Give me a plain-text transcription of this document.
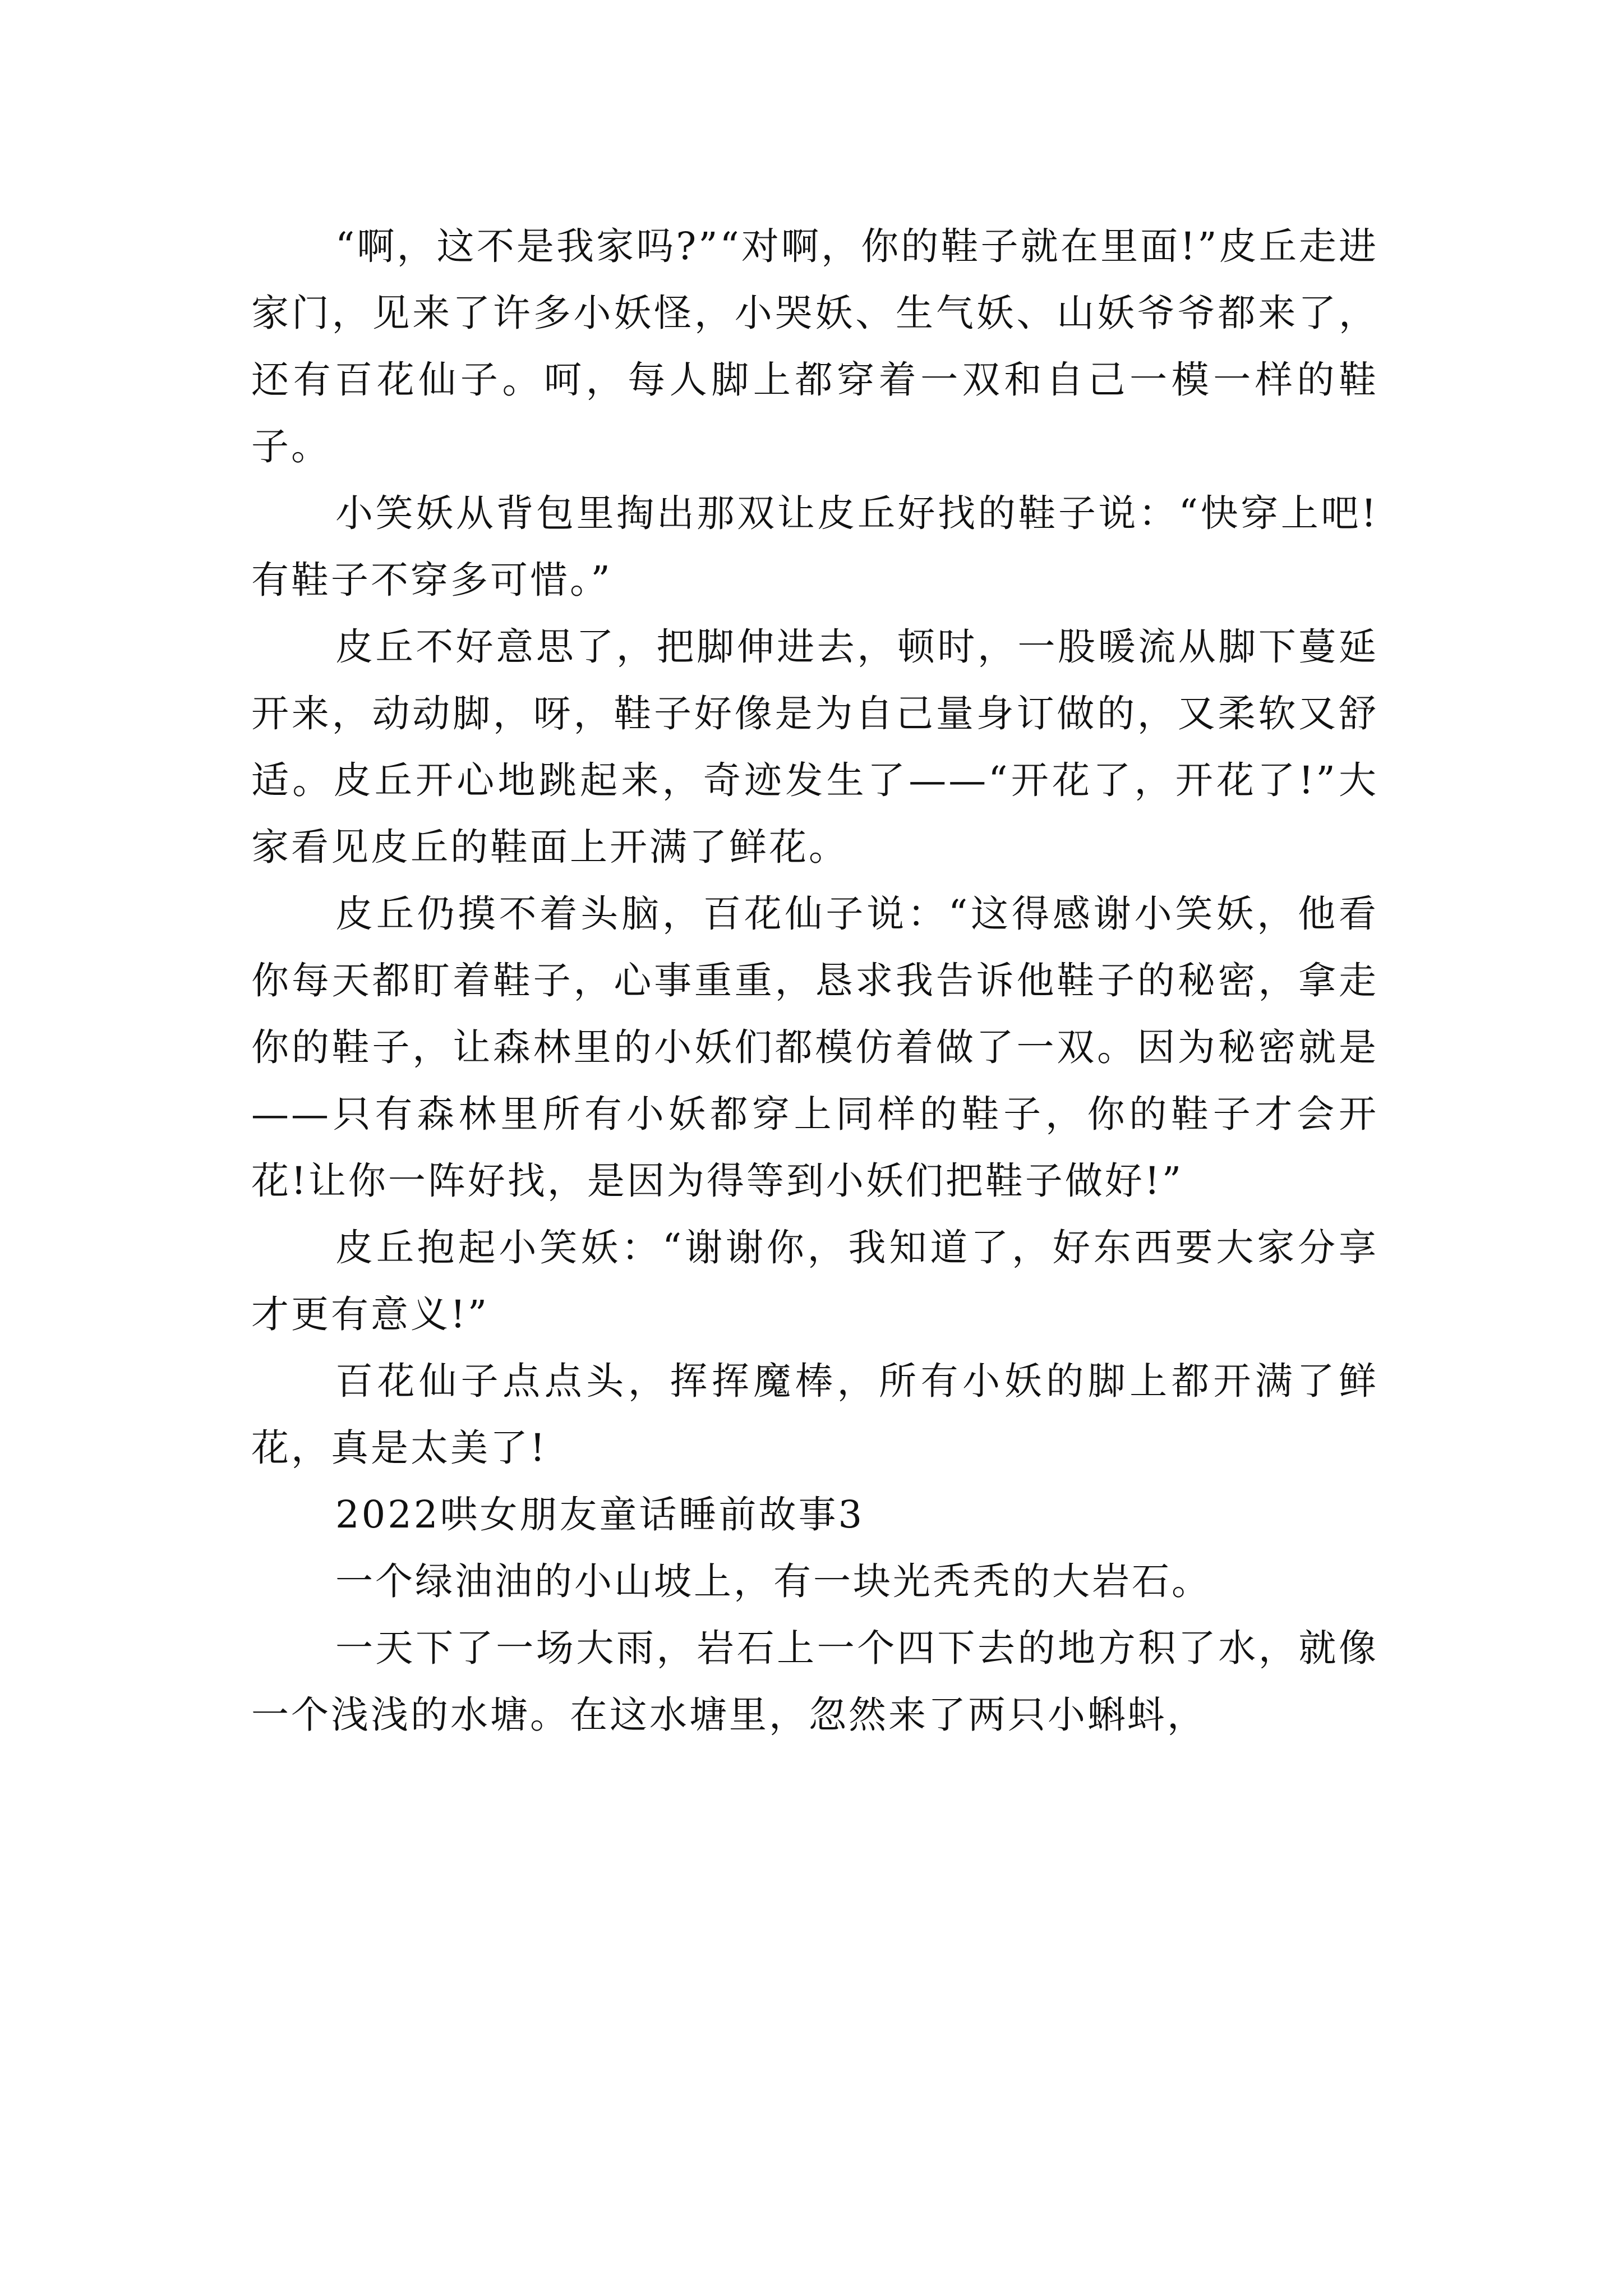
“啊，这不是我家吗?”“对啊，你的鞋子就在里面!”皮丘走进家门，见来了许多小妖怪，小哭妖、生气妖、山妖爷爷都来了，还有百花仙子。呵，每人脚上都穿着一双和自己一模一样的鞋子。

小笑妖从背包里掏出那双让皮丘好找的鞋子说：“快穿上吧!有鞋子不穿多可惜。”

皮丘不好意思了，把脚伸进去，顿时，一股暖流从脚下蔓延开来，动动脚，呀，鞋子好像是为自己量身订做的，又柔软又舒适。皮丘开心地跳起来，奇迹发生了——“开花了，开花了!”大家看见皮丘的鞋面上开满了鲜花。

皮丘仍摸不着头脑，百花仙子说：“这得感谢小笑妖，他看你每天都盯着鞋子，心事重重，恳求我告诉他鞋子的秘密，拿走你的鞋子，让森林里的小妖们都模仿着做了一双。因为秘密就是——只有森林里所有小妖都穿上同样的鞋子，你的鞋子才会开花!让你一阵好找，是因为得等到小妖们把鞋子做好!”

皮丘抱起小笑妖：“谢谢你，我知道了，好东西要大家分享才更有意义!”

百花仙子点点头，挥挥魔棒，所有小妖的脚上都开满了鲜花，真是太美了!

2022哄女朋友童话睡前故事3

一个绿油油的小山坡上，有一块光秃秃的大岩石。

一天下了一场大雨，岩石上一个四下去的地方积了水，就像一个浅浅的水塘。在这水塘里，忽然来了两只小蝌蚪，
